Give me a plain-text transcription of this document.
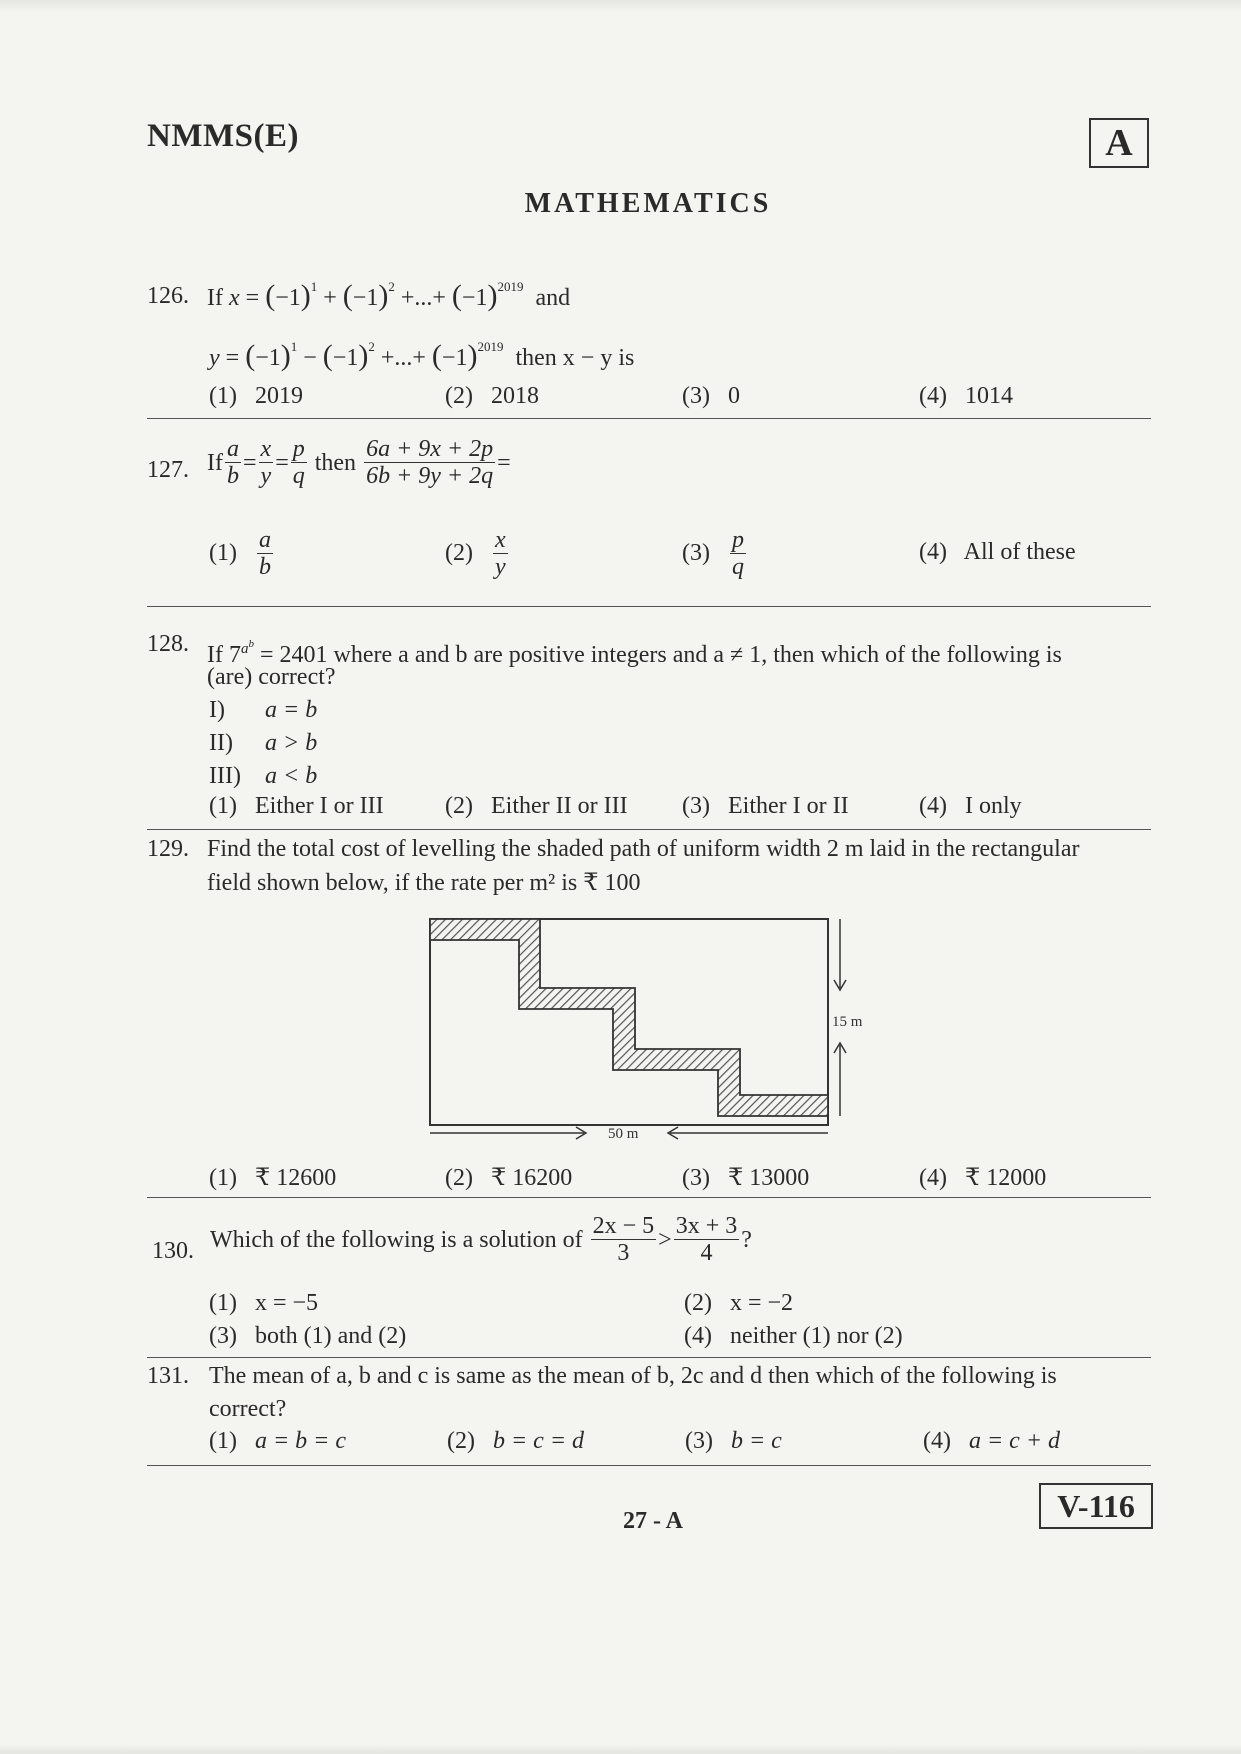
NMMS(E)	A
MATHEMATICS
126. If $x = (-1)^1 + (-1)^2$ +...+ $(-1)^{2019}$ and
$y = (-1)^1 - (-1)^2$ +...+ $(-1)^{2019}$ then x − y is
(1) 2019	(2) 2018	(3) 0	(4) 1014
127. If $\frac{a}{b} = \frac{x}{y} = \frac{p}{q}$
then
$\frac{6a + 9x + 2p}{6b + 9y + 2q}$ =
(1)
$\frac{a}{b}$	(2)
$\frac{x}{y}$	(3)
$\frac{p}{q}$	(4) All of these
128. If $7^{a^b} = 2401$ where a and b are positive integers and a ≠ 1, then which of the following is
(are) correct?
I) a = b
II) a > b
III) a < b
(1) Either I or III	(2) Either II or III (3) Either I or II	(4) I only
129. Find the total cost of levelling the shaded path of uniform width 2 m laid in the rectangular
field shown below, if the rate per m² is ₹ 100
15 m
50 m
(1) ₹ 12600	(2) ₹ 16200	(3) ₹ 13000	(4) ₹ 12000
130. Which of the following is a solution of
$\frac{2x - 5}{3} > \frac{3x + 3}{4}$ ?
(1) x = −5	(2) x = −2
(3) both (1) and (2)	(4) neither (1) nor (2)
131. The mean of a, b and c is same as the mean of b, 2c and d then which of the following is
correct?
(1) a = b = c	(2) b = c = d	(3) b = c	(4) a = c + d
27 - A	V-116
